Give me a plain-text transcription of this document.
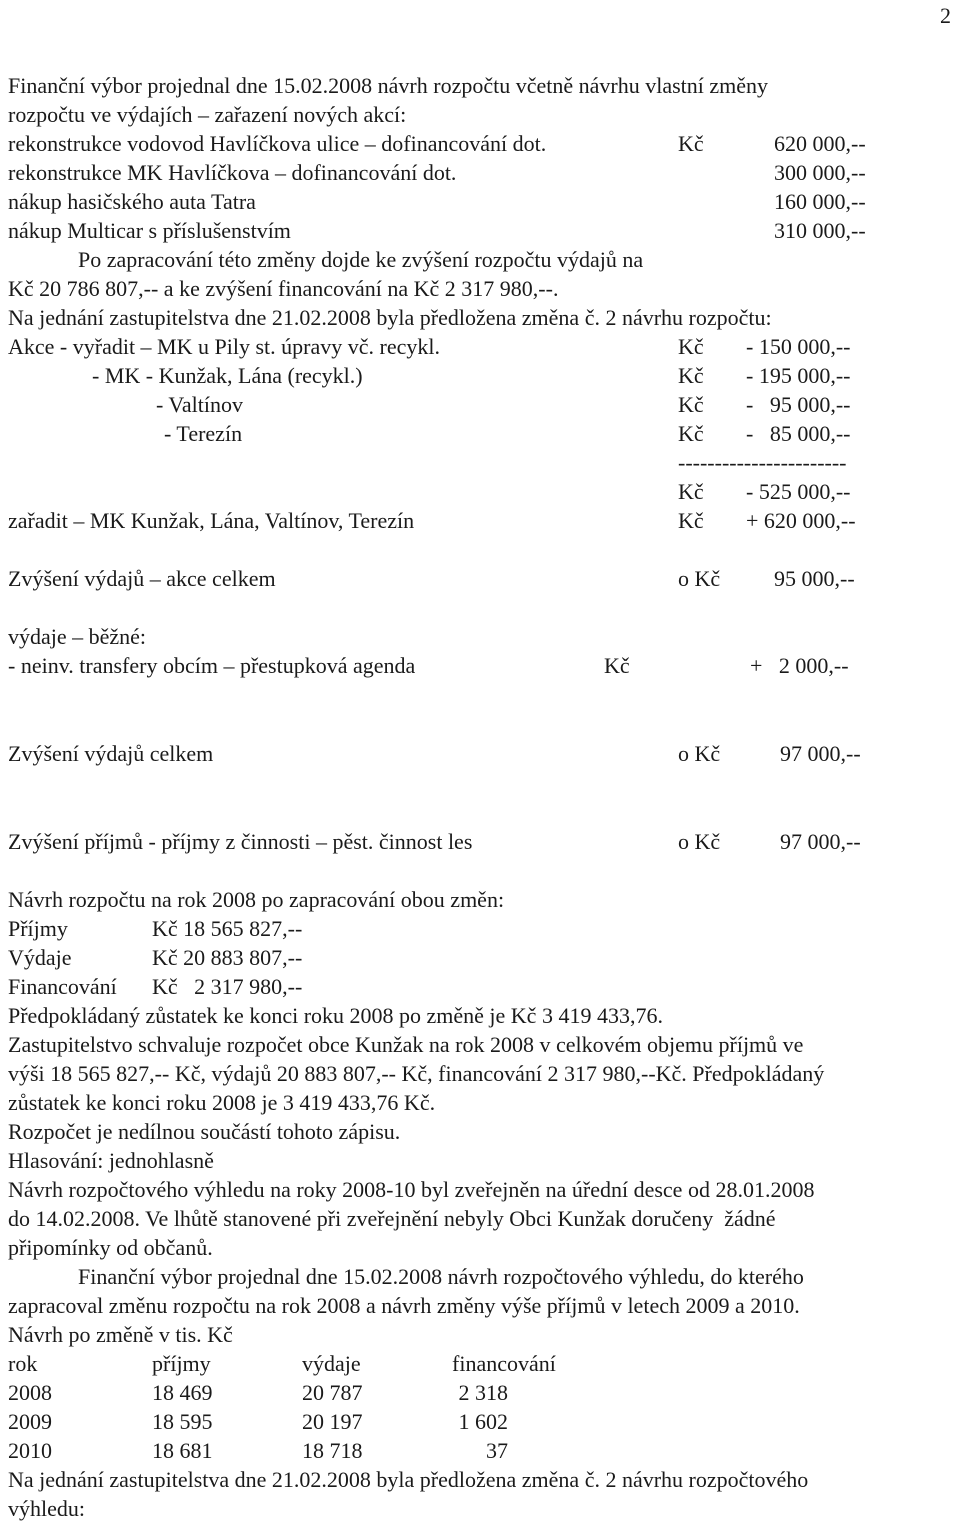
Finanční výbor projednal dne 15.02.2008 návrh rozpočtu včetně návrhu vlastní změny
rozpočtu ve výdajích – zařazení nových akcí:
rekonstrukce vodovod Havlíčkova ulice – dofinancování dot.	Kč	620 000,--
rekonstrukce MK Havlíčkova – dofinancování dot.	300 000,--
nákup hasičského auta Tatra	160 000,--
nákup Multicar s příslušenstvím	310 000,--
Po zapracování této změny dojde ke zvýšení rozpočtu výdajů na
Kč 20 786 807,-- a ke zvýšení financování na Kč 2 317 980,--.
Na jednání zastupitelstva dne 21.02.2008 byla předložena změna č. 2 návrhu rozpočtu:
Akce - vyřadit – MK u Pily st. úpravy vč. recykl.	Kč - 150 000,--
- MK - Kunžak, Lána (recykl.)	Kč - 195 000,--
- Valtínov	Kč -   95 000,--
- Terezín	Kč -   85 000,--
-----------------------
Kč - 525 000,--
zařadit – MK Kunžak, Lána, Valtínov, Terezín	Kč + 620 000,--
Zvýšení výdajů – akce celkem	o Kč 95 000,--
výdaje – běžné:
- neinv. transfery obcím – přestupková agenda	Kč	+   2 000,--
Zvýšení výdajů celkem	o Kč	97 000,--
Zvýšení příjmů - příjmy z činnosti – pěst. činnost les	o Kč	97 000,--
Návrh rozpočtu na rok 2008 po zapracování obou změn:
Příjmy	Kč 18 565 827,--
Výdaje	Kč 20 883 807,--
Financování Kč   2 317 980,--
Předpokládaný zůstatek ke konci roku 2008 po změně je Kč 3 419 433,76.
Zastupitelstvo schvaluje rozpočet obce Kunžak na rok 2008 v celkovém objemu příjmů ve
výši 18 565 827,-- Kč, výdajů 20 883 807,-- Kč, financování 2 317 980,--Kč. Předpokládaný
zůstatek ke konci roku 2008 je 3 419 433,76 Kč.
Rozpočet je nedílnou součástí tohoto zápisu.
Hlasování: jednohlasně
Návrh rozpočtového výhledu na roky 2008-10 byl zveřejněn na úřední desce od 28.01.2008
do 14.02.2008. Ve lhůtě stanovené při zveřejnění nebyly Obci Kunžak doručeny  žádné
připomínky od občanů.
Finanční výbor projednal dne 15.02.2008 návrh rozpočtového výhledu, do kterého
zapracoval změnu rozpočtu na rok 2008 a návrh změny výše příjmů v letech 2009 a 2010.
Návrh po změně v tis. Kč
Na jednání zastupitelstva dne 21.02.2008 byla předložena změna č. 2 návrhu rozpočtového
výhledu:
2
rok	příjmy	výdaje	financování
2008	18 469	20 787	2 318
2009	18 595	20 197	1 602
2010	18 681	18 718	37
